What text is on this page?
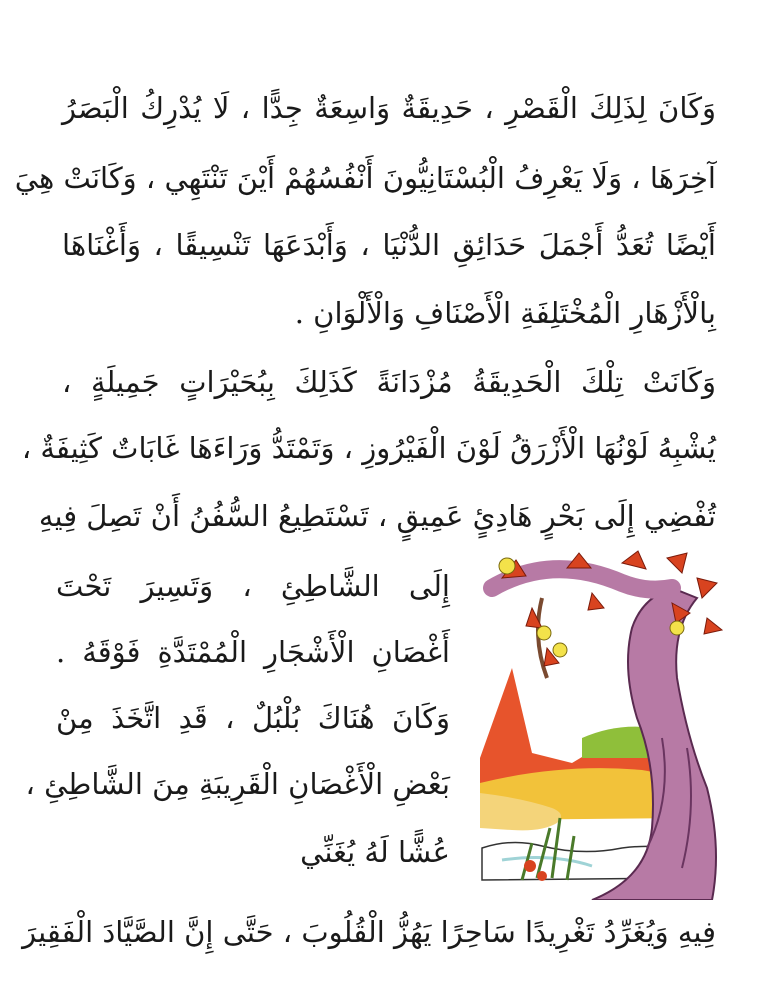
وَكَانَ لِذَلِكَ الْقَصْرِ ، حَدِيقَةٌ وَاسِعَةٌ جِدًّا ، لَا يُدْرِكُ الْبَصَرُ
آخِرَهَا ، وَلَا يَعْرِفُ الْبُسْتَانِيُّونَ أَنْفُسُهُمْ أَيْنَ تَنْتَهِي ، وَكَانَتْ هِيَ
أَيْضًا تُعَدُّ أَجْمَلَ حَدَائِقِ الدُّنْيَا ، وَأَبْدَعَهَا تَنْسِيقًا ، وَأَغْنَاهَا
بِالْأَزْهَارِ الْمُخْتَلِفَةِ الْأَصْنَافِ وَالْأَلْوَانِ .
وَكَانَتْ تِلْكَ الْحَدِيقَةُ مُزْدَانَةً كَذَلِكَ بِبُحَيْرَاتٍ جَمِيلَةٍ ،
يُشْبِهُ لَوْنُهَا الْأَزْرَقُ لَوْنَ الْفَيْرُوزِ ، وَتَمْتَدُّ وَرَاءَهَا غَابَاتٌ كَثِيفَةٌ ،
تُفْضِي إِلَى بَحْرٍ هَادِئٍ عَمِيقٍ ، تَسْتَطِيعُ السُّفُنُ أَنْ تَصِلَ فِيهِ
إِلَى الشَّاطِئِ ، وَتَسِيرَ تَحْتَ
أَغْصَانِ الْأَشْجَارِ الْمُمْتَدَّةِ فَوْقَهُ .
وَكَانَ هُنَاكَ بُلْبُلٌ ، قَدِ اتَّخَذَ مِنْ
بَعْضِ الْأَغْصَانِ الْقَرِيبَةِ مِنَ الشَّاطِئِ ،
عُشًّا لَهُ يُغَنِّي
فِيهِ وَيُغَرِّدُ تَغْرِيدًا سَاحِرًا يَهُزُّ الْقُلُوبَ ، حَتَّى إِنَّ الصَّيَّادَ الْفَقِيرَ
